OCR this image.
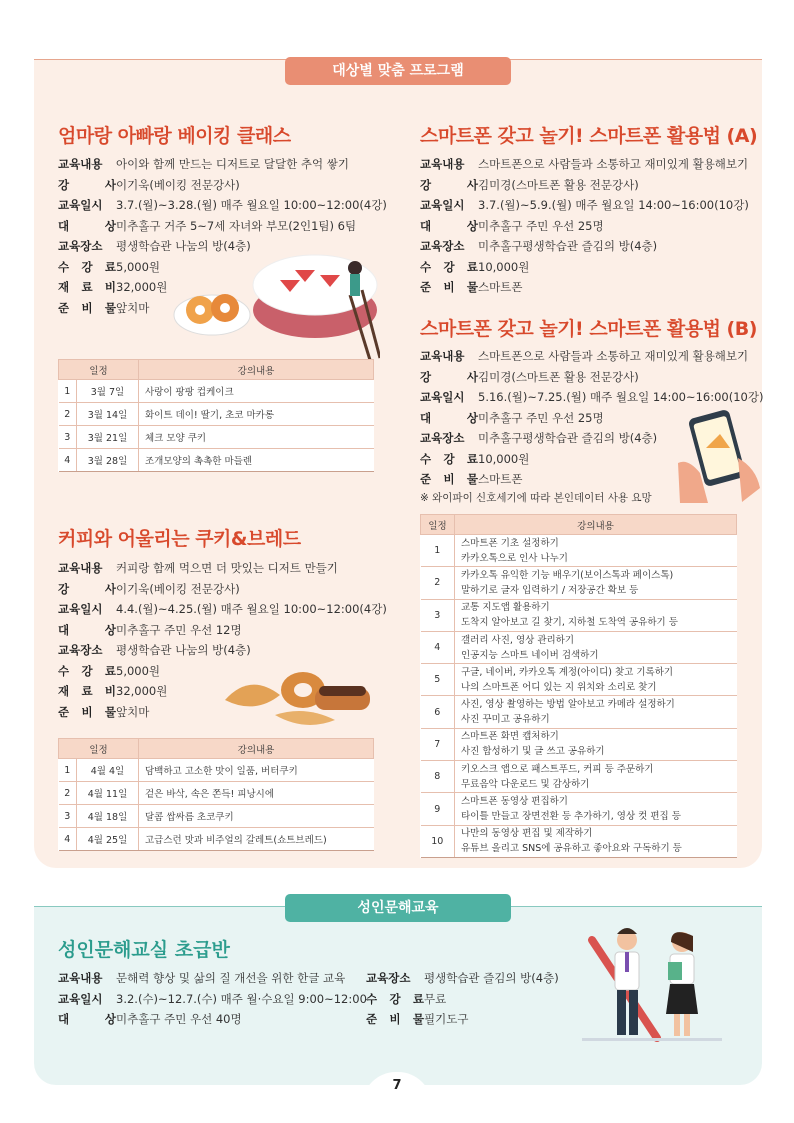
대상별 맞춤 프로그램
엄마랑 아빠랑 베이킹 클래스
교육내용	아이와 함께 만드는 디저트로 달달한 추억 쌓기
강	사 이기욱(베이킹 전문강사)
교육일시	3.7.(월)~3.28.(월) 매주 월요일 10:00~12:00(4강)
대	상 미추홀구 거주 5~7세 자녀와 부모(2인1팀) 6팀
교육장소	평생학습관 나눔의 방(4층)
수 강 료 5,000원
재 료 비 32,000원
준 비 물 앞치마
일정		강의내용
1	3월 7일	사랑이 팡팡 컵케이크
2	3월 14일	화이트 데이! 딸기, 초코 마카롱
3	3월 21일	체크 모양 쿠키
4	3월 28일	조개모양의 촉촉한 마들렌
커피와 어울리는 쿠키&브레드
교육내용	커피랑 함께 먹으면 더 맛있는 디저트 만들기
강	사 이기욱(베이킹 전문강사)
교육일시	4.4.(월)~4.25.(월) 매주 월요일 10:00~12:00(4강)
대	상 미추홀구 주민 우선 12명
교육장소	평생학습관 나눔의 방(4층)
수 강 료 5,000원
재 료 비 32,000원
준 비 물 앞치마
일정		강의내용
1	4월 4일	담백하고 고소한 맛이 일품, 버터쿠키
2	4월 11일	겉은 바삭, 속은 쫀득! 피낭시에
3	4월 18일	달콤 쌉싸름 초코쿠키
4	4월 25일	고급스런 맛과 비주얼의 갈레트(쇼트브레드)
스마트폰 갖고 놀기! 스마트폰 활용법 (A)
교육내용	스마트폰으로 사람들과 소통하고 재미있게 활용해보기
강	사 김미경(스마트폰 활용 전문강사)
교육일시	3.7.(월)~5.9.(월) 매주 월요일 14:00~16:00(10강)
대	상 미추홀구 주민 우선 25명
교육장소	미추홀구평생학습관 즐김의 방(4층)
수 강 료 10,000원
준 비 물 스마트폰
스마트폰 갖고 놀기! 스마트폰 활용법 (B)
교육내용	스마트폰으로 사람들과 소통하고 재미있게 활용해보기
강	사 김미경(스마트폰 활용 전문강사)
교육일시	5.16.(월)~7.25.(월) 매주 월요일 14:00~16:00(10강)
대	상 미추홀구 주민 우선 25명
교육장소	미추홀구평생학습관 즐김의 방(4층)
수 강 료 10,000원
준 비 물 스마트폰
※ 와이파이 신호세기에 따라 본인데이터 사용 요망
일정	강의내용
1	스마트폰 기초 설정하기
카카오톡으로 인사 나누기

2	카카오톡 유익한 기능 배우기(보이스톡과 페이스톡)
말하기로 글자 입력하기 / 저장공간 확보 등

3	교통 지도앱 활용하기
도착지 알아보고 길 찾기, 지하철 도착역 공유하기 등

4	갤러리 사진, 영상 관리하기
인공지능 스마트 네이버 검색하기

5	구글, 네이버, 카카오톡 계정(아이디) 찾고 기록하기
나의 스마트폰 어디 있는 지 위치와 소리로 찾기

6	사진, 영상 촬영하는 방법 알아보고 카메라 설정하기
사진 꾸미고 공유하기

7	스마트폰 화면 캡처하기
사진 합성하기 및 글 쓰고 공유하기

8	키오스크 앱으로 패스트푸드, 커피 등 주문하기
무료음악 다운로드 및 감상하기

9	스마트폰 동영상 편집하기
타이틀 만들고 장면전환 등 추가하기, 영상 컷 편집 등

10	나만의 동영상 편집 및 제작하기
유튜브 올리고 SNS에 공유하고 좋아요와 구독하기 등
성인문해교육
성인문해교실 초급반
교육내용	문해력 향상 및 삶의 질 개선을 위한 한글 교육
교육일시	3.2.(수)~12.7.(수) 매주 월·수요일 9:00~12:00
대	상 미추홀구 주민 우선 40명
교육장소	평생학습관 즐김의 방(4층)
수 강 료 무료
준 비 물 필기도구
7
